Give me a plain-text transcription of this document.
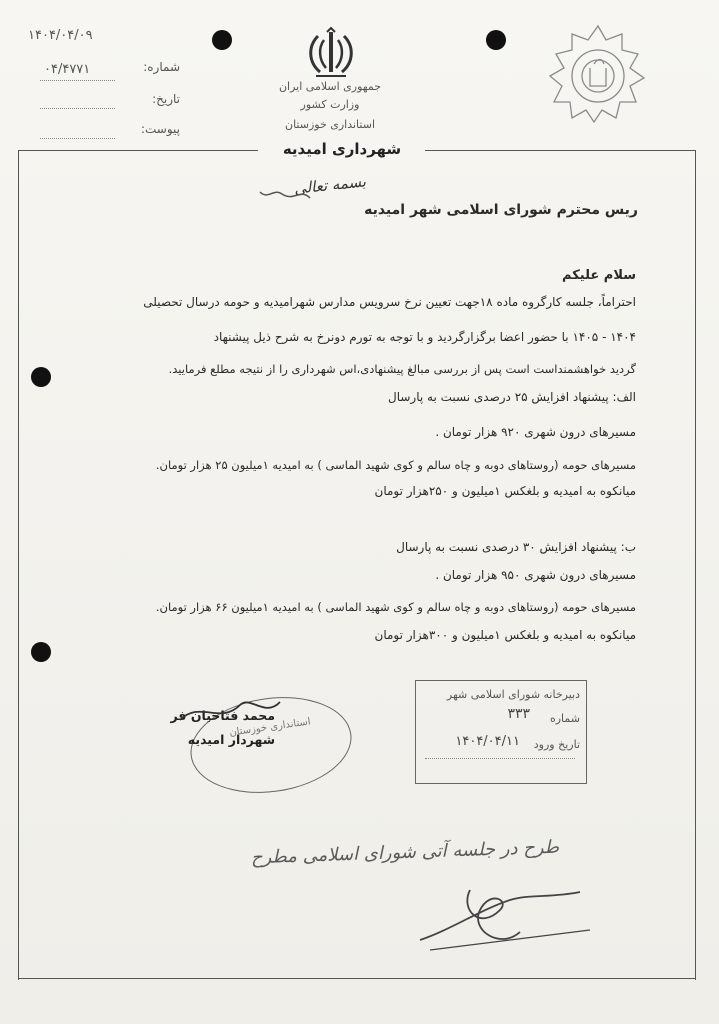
۱۴۰۴/۰۴/۰۹
۰۴/۴۷۷۱	شماره:
تاریخ:
پیوست:
جمهوری اسلامی ایران
وزارت کشور
استانداری خوزستان
شهرداری امیدیه
بسمه تعالی
ریس محترم شورای اسلامی شهر امیدیه
سلام علیکم
احتراماً، جلسه کارگروه ماده ۱۸جهت تعیین نرخ سرویس مدارس شهرامیدیه و حومه درسال تحصیلی
۱۴۰۴ - ۱۴۰۵ با حضور اعضا برگزارگردید و با توجه به تورم دونرخ به شرح ذیل پیشنهاد
گردید خواهشمنداست است پس از بررسی مبالغ پیشنهادی،اس شهرداری را از نتیجه مطلع فرمایید.
الف: پیشنهاد افزایش ۲۵ درصدی نسبت به پارسال
مسیرهای درون شهری ۹۲۰ هزار تومان .
مسیرهای حومه (روستاهای دوبه و چاه سالم و کوی شهید الماسی ) به امیدیه ۱میلیون ۲۵ هزار تومان.
میانکوه به امیدیه و بلغکس ۱میلیون و ۲۵۰هزار تومان
ب: پیشنهاد افزایش ۳۰ درصدی نسبت به پارسال
مسیرهای درون شهری ۹۵۰ هزار تومان .
مسیرهای حومه (روستاهای دوبه و چاه سالم و کوی شهید الماسی ) به امیدیه ۱میلیون ۶۶ هزار تومان.
میانکوه به امیدیه و بلغکس ۱میلیون و ۳۰۰هزار تومان
استانداری خوزستان
محمد فتاحیان فر
شهردار امیدیه
دبیرخانه شورای اسلامی شهر
شماره
۳۳۳
تاریخ ورود
۱۴۰۴/۰۴/۱۱
طرح در جلسه آتی شورای اسلامی مطرح
